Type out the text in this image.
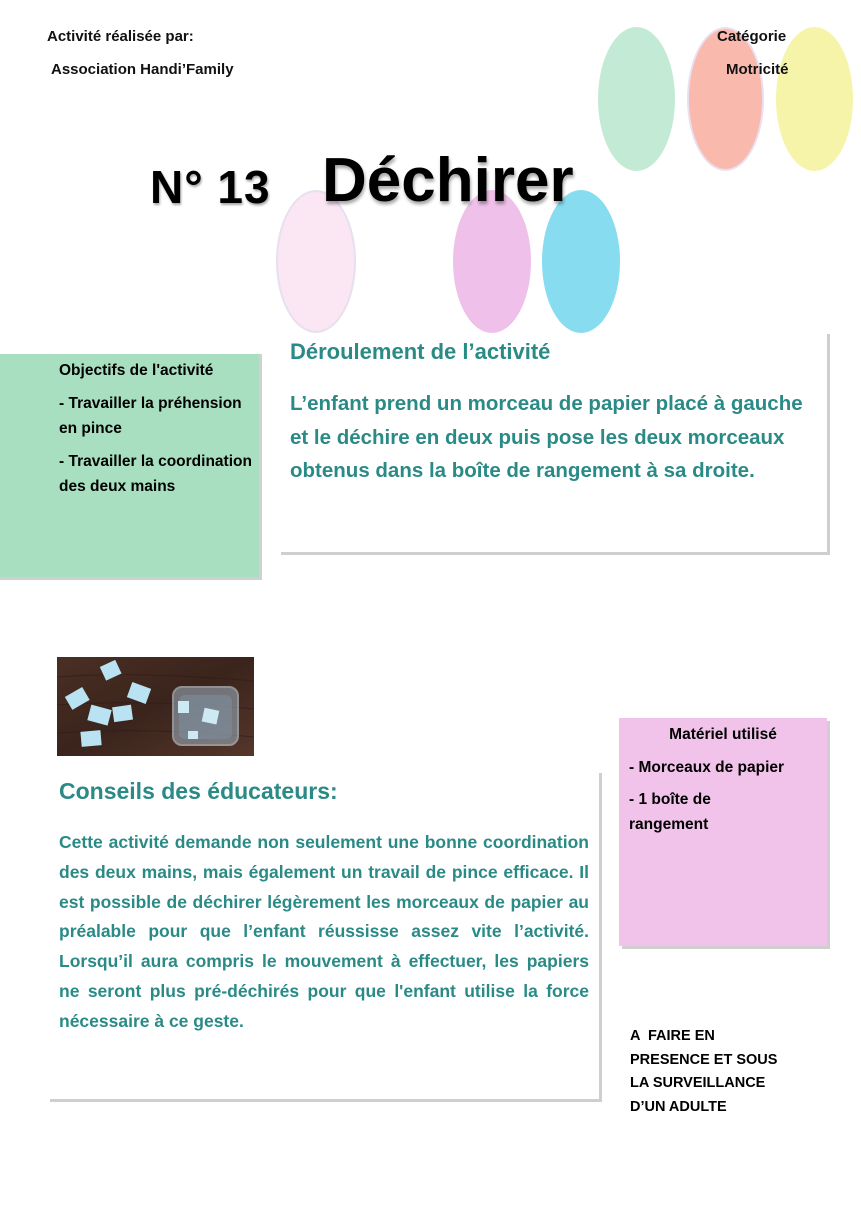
Activité réalisée par:
Association Handi’Family
Catégorie
Motricité
N° 13 Déchirer
Objectifs de l'activité
- Travailler la préhension en pince
- Travailler la coordination des deux mains
Déroulement de l’activité
L’enfant prend un morceau de papier placé à gauche et le déchire en deux puis pose les deux morceaux obtenus dans la boîte de rangement à sa droite.
Conseils des éducateurs:
Cette activité demande non seulement une bonne coordination des deux mains, mais également un travail de pince efficace. Il est possible de déchirer légèrement les morceaux de papier au préalable pour que l’enfant réussisse assez vite l’activité. Lorsqu’il aura compris le mouvement à effectuer, les papiers ne seront plus pré-déchirés pour que l'enfant utilise la force nécessaire à ce geste.
Matériel utilisé
- Morceaux de papier
- 1 boîte de rangement
A  FAIRE EN
PRESENCE ET SOUS
LA SURVEILLANCE
D’UN ADULTE
